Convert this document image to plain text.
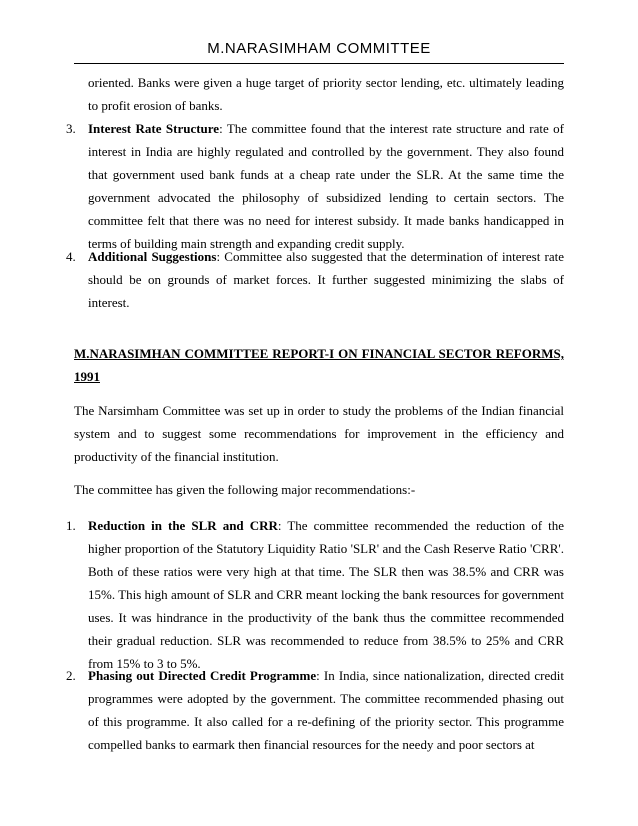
M.NARASIMHAM COMMITTEE
oriented. Banks were given a huge target of priority sector lending, etc. ultimately leading to profit erosion of banks.
3. Interest Rate Structure: The committee found that the interest rate structure and rate of interest in India are highly regulated and controlled by the government. They also found that government used bank funds at a cheap rate under the SLR. At the same time the government advocated the philosophy of subsidized lending to certain sectors. The committee felt that there was no need for interest subsidy. It made banks handicapped in terms of building main strength and expanding credit supply.
4. Additional Suggestions: Committee also suggested that the determination of interest rate should be on grounds of market forces. It further suggested minimizing the slabs of interest.
M.NARASIMHAN COMMITTEE REPORT-I ON FINANCIAL SECTOR REFORMS, 1991
The Narsimham Committee was set up in order to study the problems of the Indian financial system and to suggest some recommendations for improvement in the efficiency and productivity of the financial institution.
The committee has given the following major recommendations:-
1. Reduction in the SLR and CRR: The committee recommended the reduction of the higher proportion of the Statutory Liquidity Ratio 'SLR' and the Cash Reserve Ratio 'CRR'. Both of these ratios were very high at that time. The SLR then was 38.5% and CRR was 15%. This high amount of SLR and CRR meant locking the bank resources for government uses. It was hindrance in the productivity of the bank thus the committee recommended their gradual reduction. SLR was recommended to reduce from 38.5% to 25% and CRR from 15% to 3 to 5%.
2. Phasing out Directed Credit Programme: In India, since nationalization, directed credit programmes were adopted by the government. The committee recommended phasing out of this programme. It also called for a re-defining of the priority sector. This programme compelled banks to earmark then financial resources for the needy and poor sectors at
